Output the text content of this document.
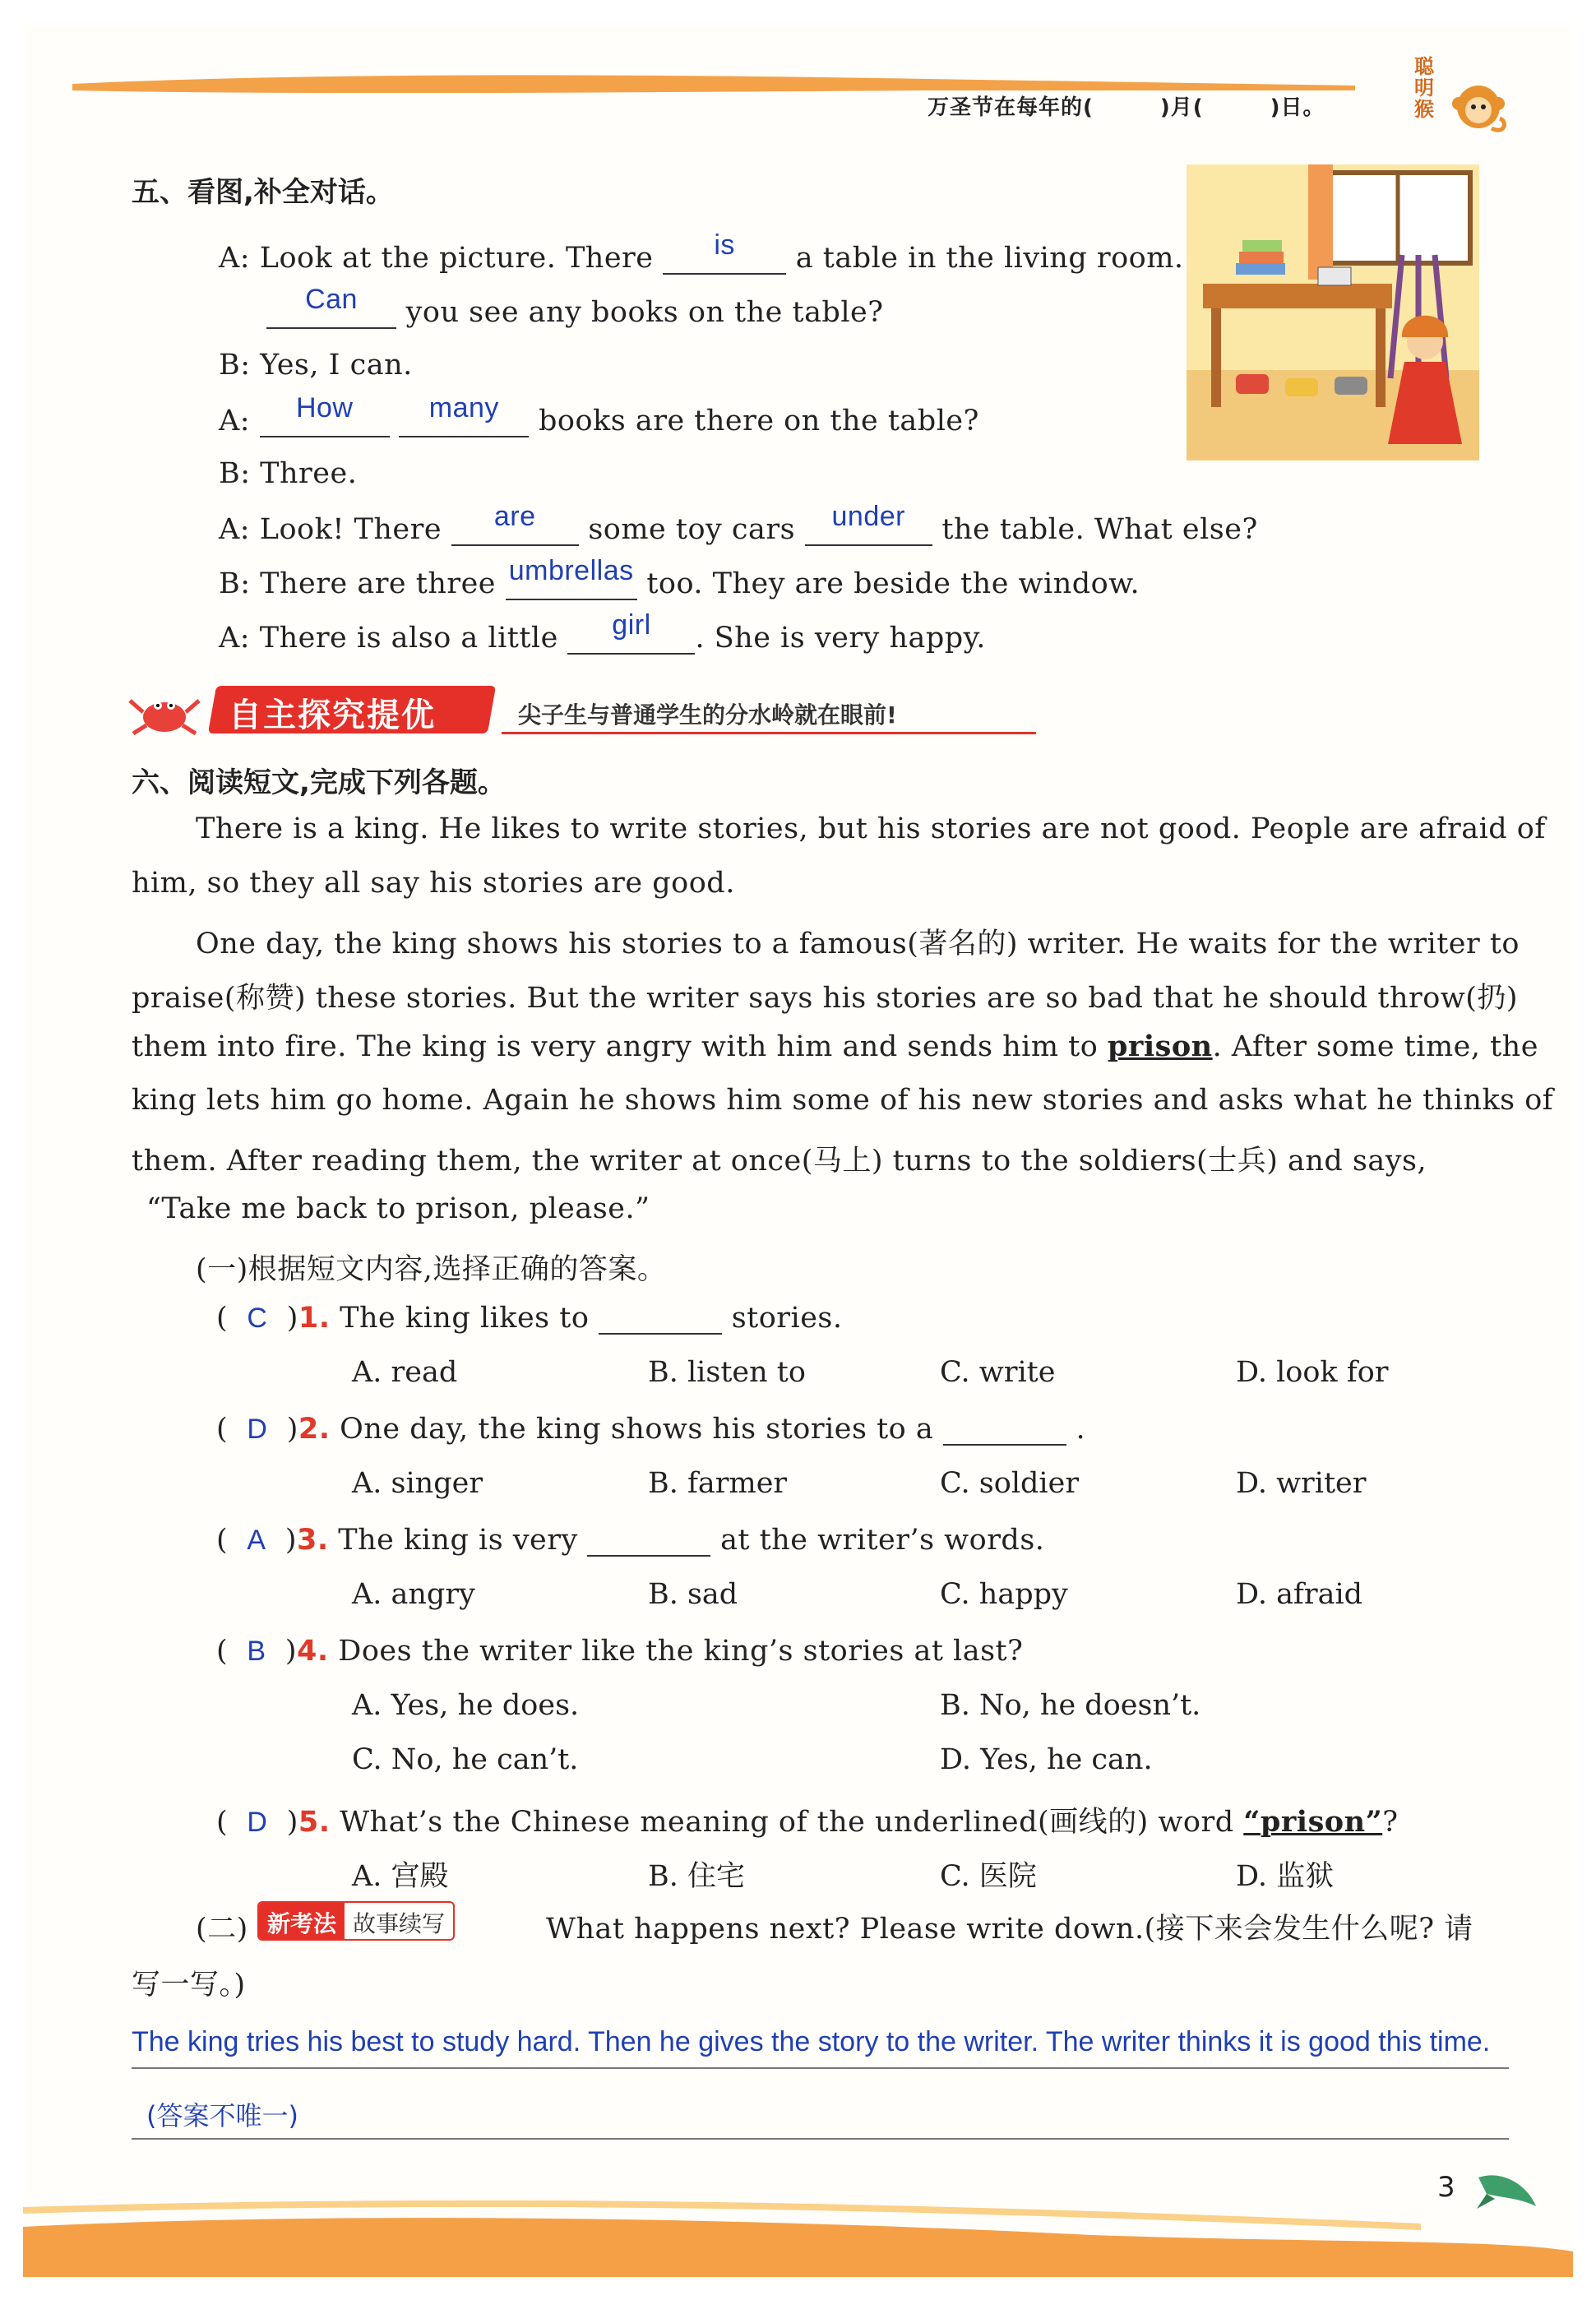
万圣节在每年的(　　　)月(　　　)日。
聪明猴
五、看图,补全对话。
A: Look at the picture. There	is	a table in the living room.
Can	you see any books on the table?
B: Yes, I can.
A:	How
	many	books are there on the table?
B: Three.
A: Look! There	are	some toy cars	under	the table. What else?
B: There are three umbrellas too. They are beside the window.
A: There is also a little	girl	. She is very happy.
自主探究提优	尖子生与普通学生的分水岭就在眼前!
六、阅读短文,完成下列各题。
There is a king. He likes to write stories, but his stories are not good. People are afraid of
him, so they all say his stories are good.
One day, the king shows his stories to a famous(著名的) writer. He waits for the writer to
praise(称赞) these stories. But the writer says his stories are so bad that he should throw(扔)
them into fire. The king is very angry with him and sends him to prison. After some time, the
king lets him go home. Again he shows him some of his new stories and asks what he thinks of
them. After reading them, the writer at once(马上) turns to the soldiers(士兵) and says,
“Take me back to prison, please.”
(一)根据短文内容,选择正确的答案。
(  C  )1. The king likes to	stories.
A. read	B. listen to	C. write	D. look for
(  D  )2. One day, the king shows his stories to a	.
A. singer	B. farmer	C. soldier	D. writer
(  A  )3. The king is very	at the writer’s words.
A. angry	B. sad	C. happy	D. afraid
(  B  )4. Does the writer like the king’s stories at last?
A. Yes, he does.	B. No, he doesn’t.
C. No, he can’t.	D. Yes, he can.
(  D  )5. What’s the Chinese meaning of the underlined(画线的) word “prison”?
A. 宫殿	B. 住宅	C. 医院	D. 监狱
(二) 新考法 故事续写	What happens next? Please write down.(接下来会发生什么呢? 请
写一写。)
The king tries his best to study hard. Then he gives the story to the writer. The writer thinks it is good this time.
(答案不唯一)
3
